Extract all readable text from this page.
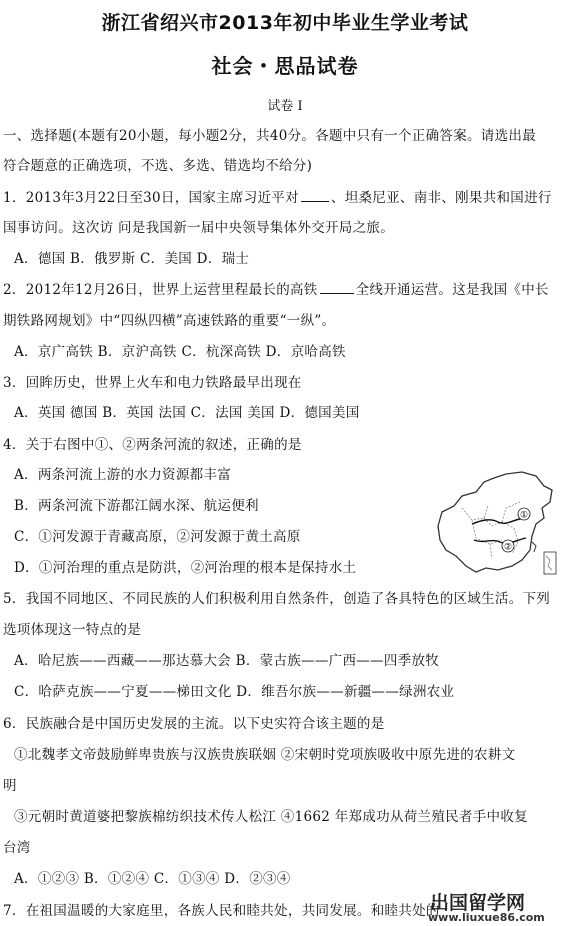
浙江省绍兴市2013年初中毕业生学业考试
社会・思品试卷
试卷 Ⅰ
一、选择题(本题有20小题，每小题2分，共40分。各题中只有一个正确答案。请选出最
符合题意的正确选项，不选、多选、错选均不给分)
1．2013年3月22日至30日，国家主席习近平对 、坦桑尼亚、南非、刚果共和国进行
国事访问。这次访 问是我国新一届中央领导集体外交开局之旅。
A．德国 B．俄罗斯 C．美国 D．瑞士
2．2012年12月26日，世界上运营里程最长的高铁	全线开通运营。这是我国《中长
期铁路网规划》中“四纵四横”高速铁路的重要“一纵”。
A．京广高铁 B．京沪高铁 C．杭深高铁 D．京哈高铁
3．回眸历史，世界上火车和电力铁路最早出现在
A．英国 德国 B．英国 法国 C．法国 美国 D．德国美国
4．关于右图中①、②两条河流的叙述，正确的是
A．两条河流上游的水力资源都丰富
B．两条河流下游都江阔水深、航运便利
C．①河发源于青藏高原，②河发源于黄土高原
D．①河治理的重点是防洪，②河治理的根本是保持水土
①
②
5．我国不同地区、不同民族的人们积极利用自然条件，创造了各具特色的区域生活。下列
选项体现这一特点的是
A．哈尼族——西藏——那达慕大会 B．蒙古族——广西——四季放牧
C．哈萨克族——宁夏——梯田文化 D．维吾尔族——新疆——绿洲农业
6．民族融合是中国历史发展的主流。以下史实符合该主题的是
①北魏孝文帝鼓励鲜卑贵族与汉族贵族联姻 ②宋朝时党项族吸收中原先进的农耕文
明
③元朝时黄道婆把黎族棉纺织技术传人松江 ④1662 年郑成功从荷兰殖民者手中收复
台湾
A．①②③ B．①②④ C．①③④ D．②③④
7．在祖国温暖的大家庭里，各族人民和睦共处，共同发展。和睦共处的
出国留学网
www.liuxue86.com
